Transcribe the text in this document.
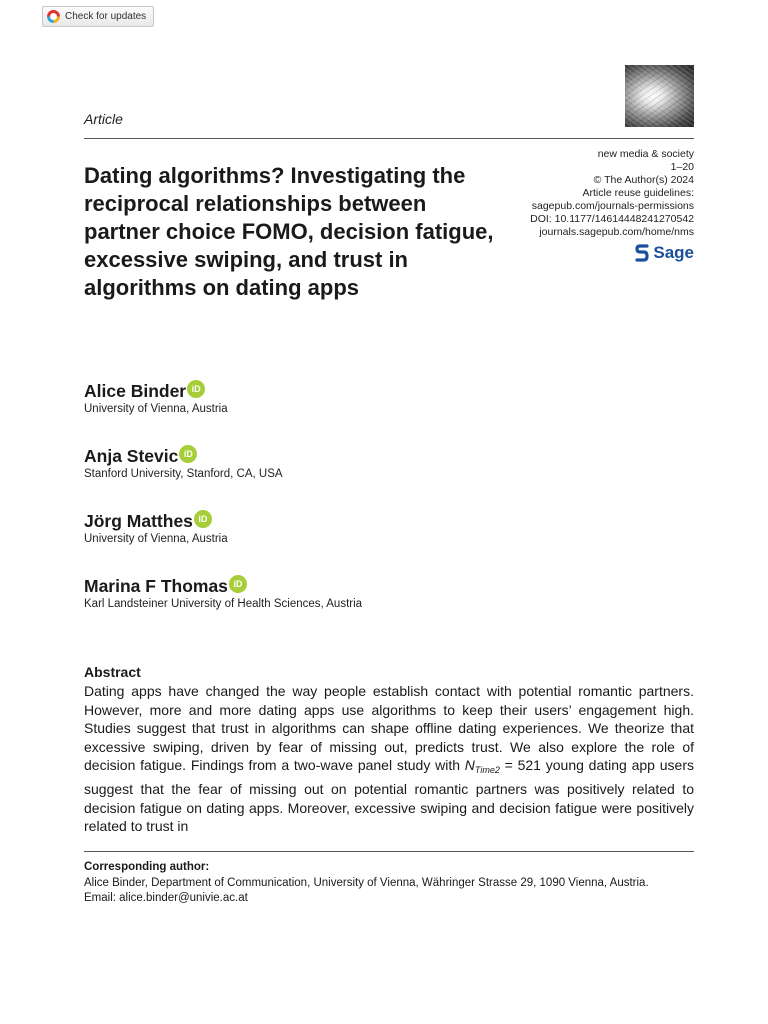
Check for updates
Article
new media & society
1–20
© The Author(s) 2024
Article reuse guidelines:
sagepub.com/journals-permissions
DOI: 10.1177/14614448241270542
journals.sagepub.com/home/nms
Sage
Dating algorithms? Investigating the reciprocal relationships between partner choice FOMO, decision fatigue, excessive swiping, and trust in algorithms on dating apps
Alice Binder iD
University of Vienna, Austria
Anja Stevic iD
Stanford University, Stanford, CA, USA
Jörg Matthes iD
University of Vienna, Austria
Marina F Thomas iD
Karl Landsteiner University of Health Sciences, Austria
Abstract

Dating apps have changed the way people establish contact with potential romantic partners. However, more and more dating apps use algorithms to keep their users’ engagement high. Studies suggest that trust in algorithms can shape offline dating experiences. We theorize that excessive swiping, driven by fear of missing out, predicts trust. We also explore the role of decision fatigue. Findings from a two-wave panel study with $N_{Time2} = 521$ young dating app users suggest that the fear of missing out on potential romantic partners was positively related to decision fatigue on dating apps. Moreover, excessive swiping and decision fatigue were positively related to trust in

Corresponding author:
Alice Binder, Department of Communication, University of Vienna, Währinger Strasse 29, 1090 Vienna, Austria.
Email: alice.binder@univie.ac.at
